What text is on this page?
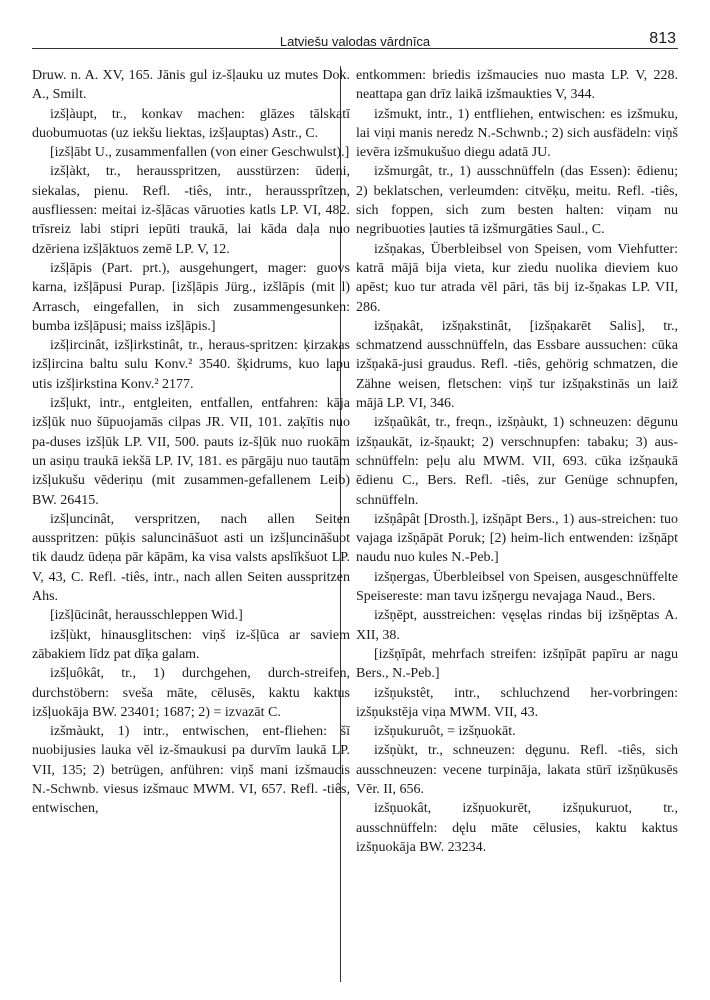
Latviešu valodas vārdnīca	813

Druw. n. A. XV, 165. Jānis gul iz-šļauku uz mutes Dok. A., Smilt.

izšļàupt, tr., konkav machen: glāzes tālskatī duobumuotas (uz iekšu liektas, izšļauptas) Astr., C.

[izšļābt U., zusammenfallen (von einer Geschwulst).]

izšļàkt, tr., herausspritzen, ausstürzen: ūdeni, siekalas, pienu. Refl. -tiês, intr., heraussprîtzen, ausfliessen: meitai iz-šļācas vāruoties katls LP. VI, 482. trīsreiz labi stipri iepūti traukā, lai kāda daļa nuo dzēriena izšļāktuos zemē LP. V, 12.

izšļāpis (Part. prt.), ausgehungert, mager: guovs karna, izšļāpusi Purap. [izšļāpis Jürg., izšlāpis (mit l) Arrasch, eingefallen, in sich zusammengesunken: bumba izšļāpusi; maiss izšļāpis.]

izšļircinât, izšļirkstinât, tr., heraus-spritzen: ķirzakas izšļircina baltu sulu Konv.² 3540. šķidrums, kuo lapu utis izšļirkstina Konv.² 2177.

izšļukt, intr., entgleiten, entfallen, entfahren: kāja izšļūk nuo šūpuojamās cilpas JR. VII, 101. zaķītis nuo pa-duses izšļūk LP. VII, 500. pauts iz-šļūk nuo ruokām un asiņu traukā iekšā LP. IV, 181. es pārgāju nuo tautām izšļukušu vēderiņu (mit zusammen-gefallenem Leib) BW. 26415.

izšļuncinât, verspritzen, nach allen Seiten ausspritzen: pūķis saluncināšuot asti un izšļuncināšuot tik daudz ūdeņa pār kāpām, ka visa valsts apslīkšuot LP. V, 43, C. Refl. -tiês, intr., nach allen Seiten ausspritzen Ahs.

[izšļūcinât, herausschleppen Wid.]

izšļùkt, hinausglitschen: viņš iz-šļūca ar saviem zābakiem līdz pat dīķa galam.

izšļuôkât, tr., 1) durchgehen, durch-streifen, durchstöbern: sveša māte, cēlusēs, kaktu kaktus izšļuokāja BW. 23401; 1687; 2) = izvazāt C.

izšmàukt, 1) intr., entwischen, ent-fliehen: šī nuobijusies lauka vēl iz-šmaukusi pa durvīm laukā LP. VII, 135; 2) betrügen, anführen: viņš mani izšmaucis N.-Schwnb. viesus izšmauc MWM. VI, 657. Refl. -tiês, entwischen,

entkommen: briedis izšmaucies nuo masta LP. V, 228. neattapa gan drīz laikā izšmaukties V, 344.

izšmukt, intr., 1) entfliehen, entwischen: es izšmuku, lai viņi manis neredz N.-Schwnb.; 2) sich ausfädeln: viņš ievēra izšmukušuo diegu adatā JU.

izšmurgât, tr., 1) ausschnüffeln (das Essen): ēdienu; 2) beklatschen, verleumden: citvēķu, meitu. Refl. -tiês, sich foppen, sich zum besten halten: viņam nu negribuoties ļauties tā izšmurgāties Saul., C.

izšņakas, Überbleibsel von Speisen, vom Viehfutter: katrā mājā bija vieta, kur ziedu nuolika dieviem kuo apēst; kuo tur atrada vēl pāri, tās bij iz-šņakas LP. VII, 286.

izšņakât, izšņakstinât, [izšņakarēt Salis], tr., schmatzend ausschnüffeln, das Essbare aussuchen: cūka izšņakā-jusi graudus. Refl. -tiês, gehörig schmatzen, die Zähne weisen, fletschen: viņš tur izšņakstinās un laiž mājā LP. VI, 346.

izšņaũkât, tr., freqn., izšņàukt, 1) schneuzen: dēgunu izšņaukāt, iz-šņaukt; 2) verschnupfen: tabaku; 3) aus-schnüffeln: peļu alu MWM. VII, 693. cūka izšņaukā ēdienu C., Bers. Refl. -tiês, zur Genüge schnupfen, schnüffeln.

izšņâpât [Drosth.], izšņāpt Bers., 1) aus-streichen: tuo vajaga izšņāpāt Poruk; [2) heim-lich entwenden: izšņāpt naudu nuo kules N.-Peb.]

izšņergas, Überbleibsel von Speisen, ausgeschnüffelte Speisereste: man tavu izšņergu nevajaga Naud., Bers.

izšņēpt, ausstreichen: vęsęlas rindas bij izšņēptas A. XII, 38.

[izšņīpât, mehrfach streifen: izšņīpāt papīru ar nagu Bers., N.-Peb.]

izšņukstêt, intr., schluchzend her-vorbringen: izšņukstēja viņa MWM. VII, 43.

izšņukuruôt, = izšņuokāt.

izšņùkt, tr., schneuzen: dęgunu. Refl. -tiês, sich ausschneuzen: vecene turpināja, lakata stūrī izšņūkusēs Vēr. II, 656.

izšņuokât, izšņuokurēt, izšņukuruot, tr., ausschnüffeln: dęlu māte cēlusies, kaktu kaktus izšņuokāja BW. 23234.
